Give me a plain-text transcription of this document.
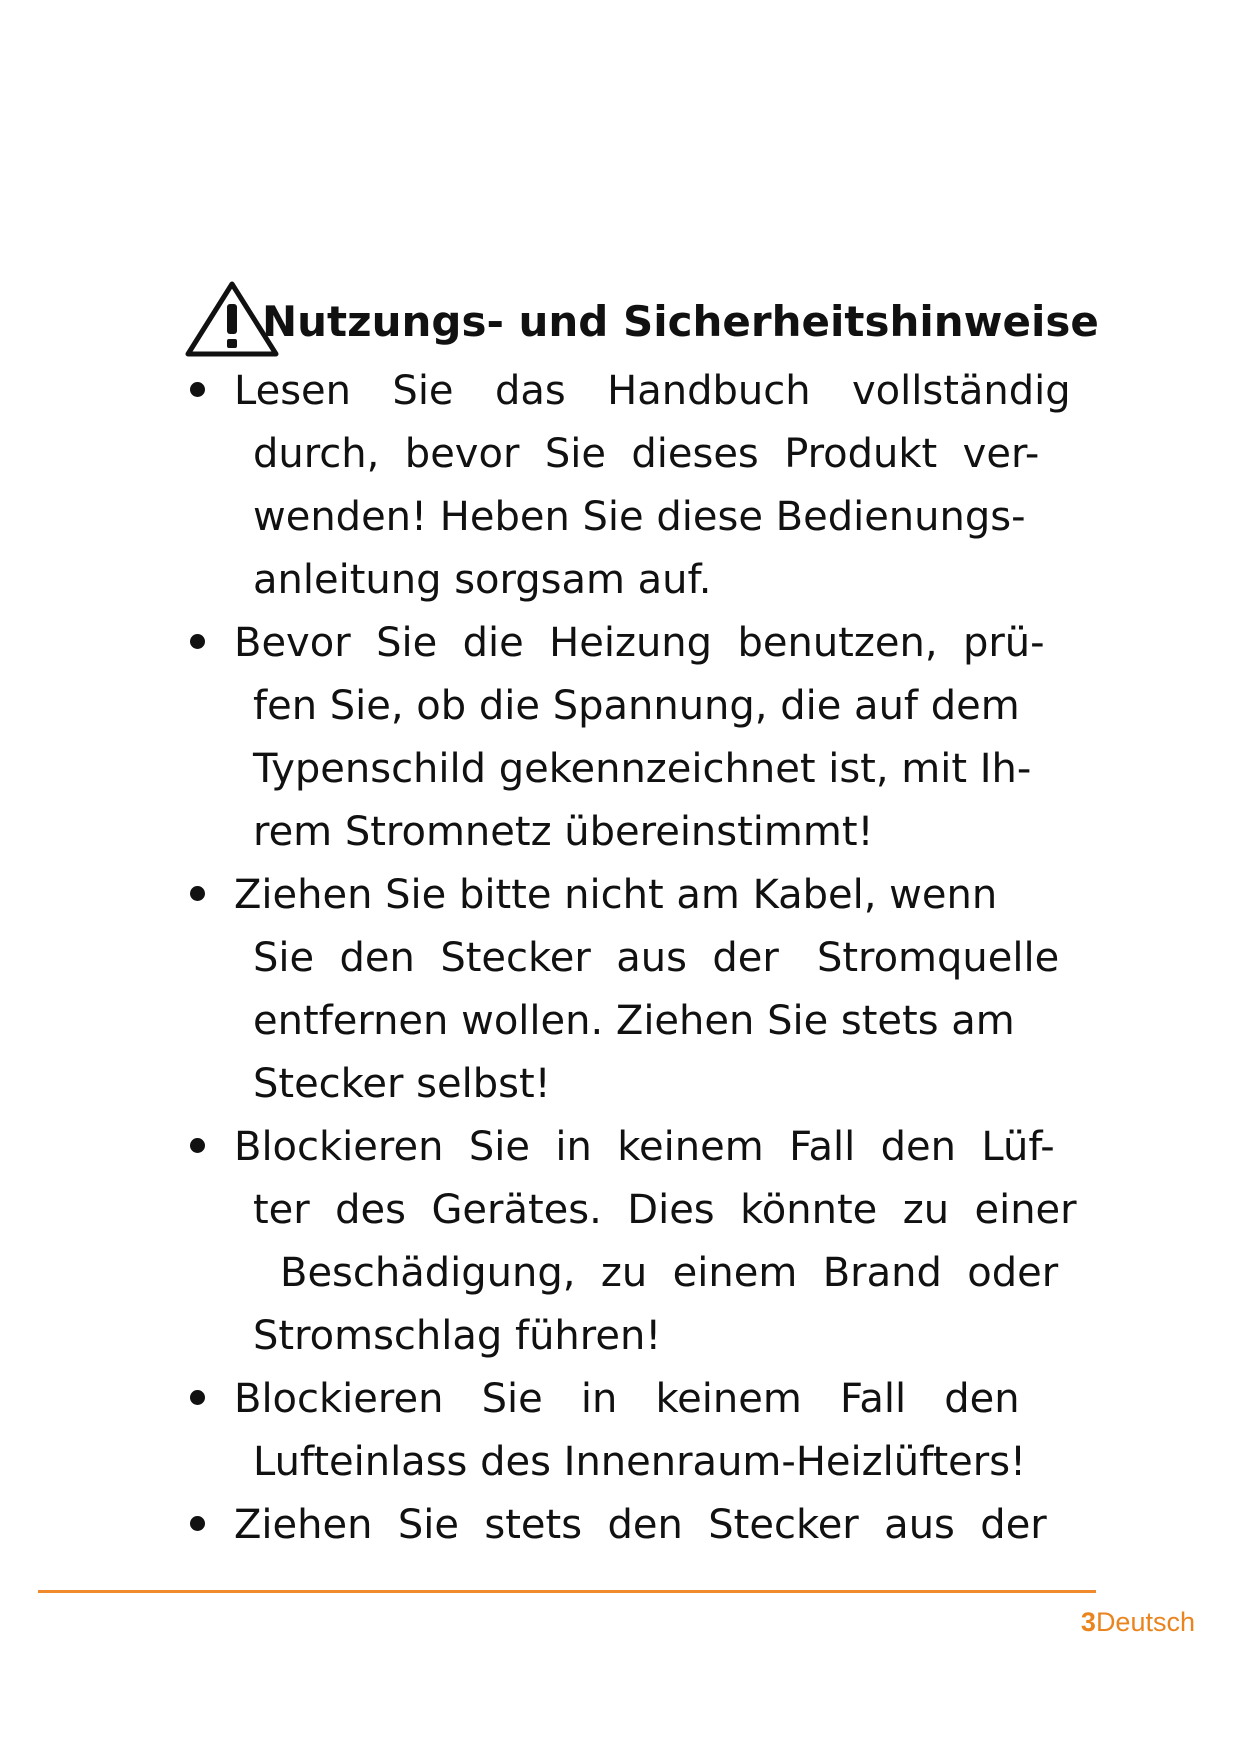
Nutzungs- und Sicherheitshinweise
Lesen  Sie  das  Handbuch  vollständig
durch,  bevor  Sie  dieses  Produkt  ver-
wenden! Heben Sie diese Bedienungs-
anleitung sorgsam auf.
Bevor  Sie  die  Heizung  benutzen,  prü-
fen Sie, ob die Spannung, die auf dem
Typenschild gekennzeichnet ist, mit Ih-
rem Stromnetz übereinstimmt!
Ziehen Sie bitte nicht am Kabel, wenn
Sie  den  Stecker  aus  der   Stromquelle
entfernen wollen. Ziehen Sie stets am
Stecker selbst!
Blockieren  Sie  in  keinem  Fall  den  Lüf-
ter  des  Gerätes.  Dies  könnte  zu  einer
Beschädigung,  zu  einem  Brand  oder
Stromschlag führen!
Blockieren   Sie   in   keinem   Fall   den
Lufteinlass des Innenraum-Heizlüfters!
Ziehen  Sie  stets  den  Stecker  aus  der
3Deutsch
